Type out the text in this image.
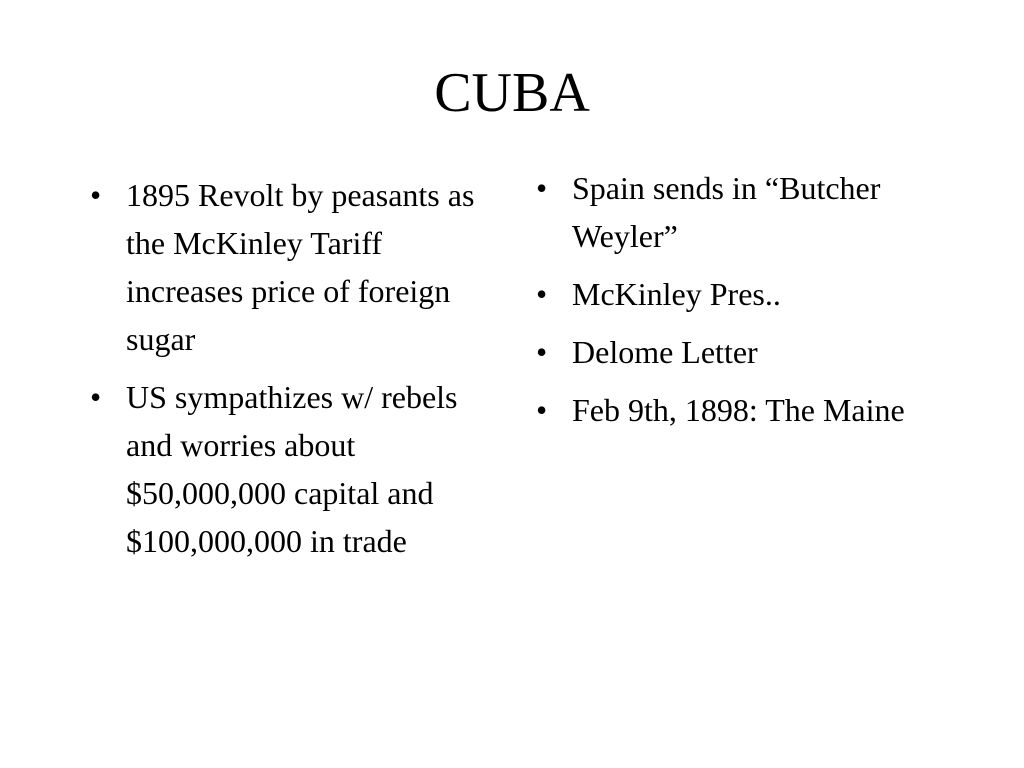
CUBA
• 1895 Revolt by peasants as the McKinley Tariff increases price of foreign sugar
• US sympathizes w/ rebels and worries about $50,000,000 capital and $100,000,000 in trade
• Spain sends in “Butcher Weyler”
• McKinley Pres..
• Delome Letter
• Feb 9th, 1898: The Maine
